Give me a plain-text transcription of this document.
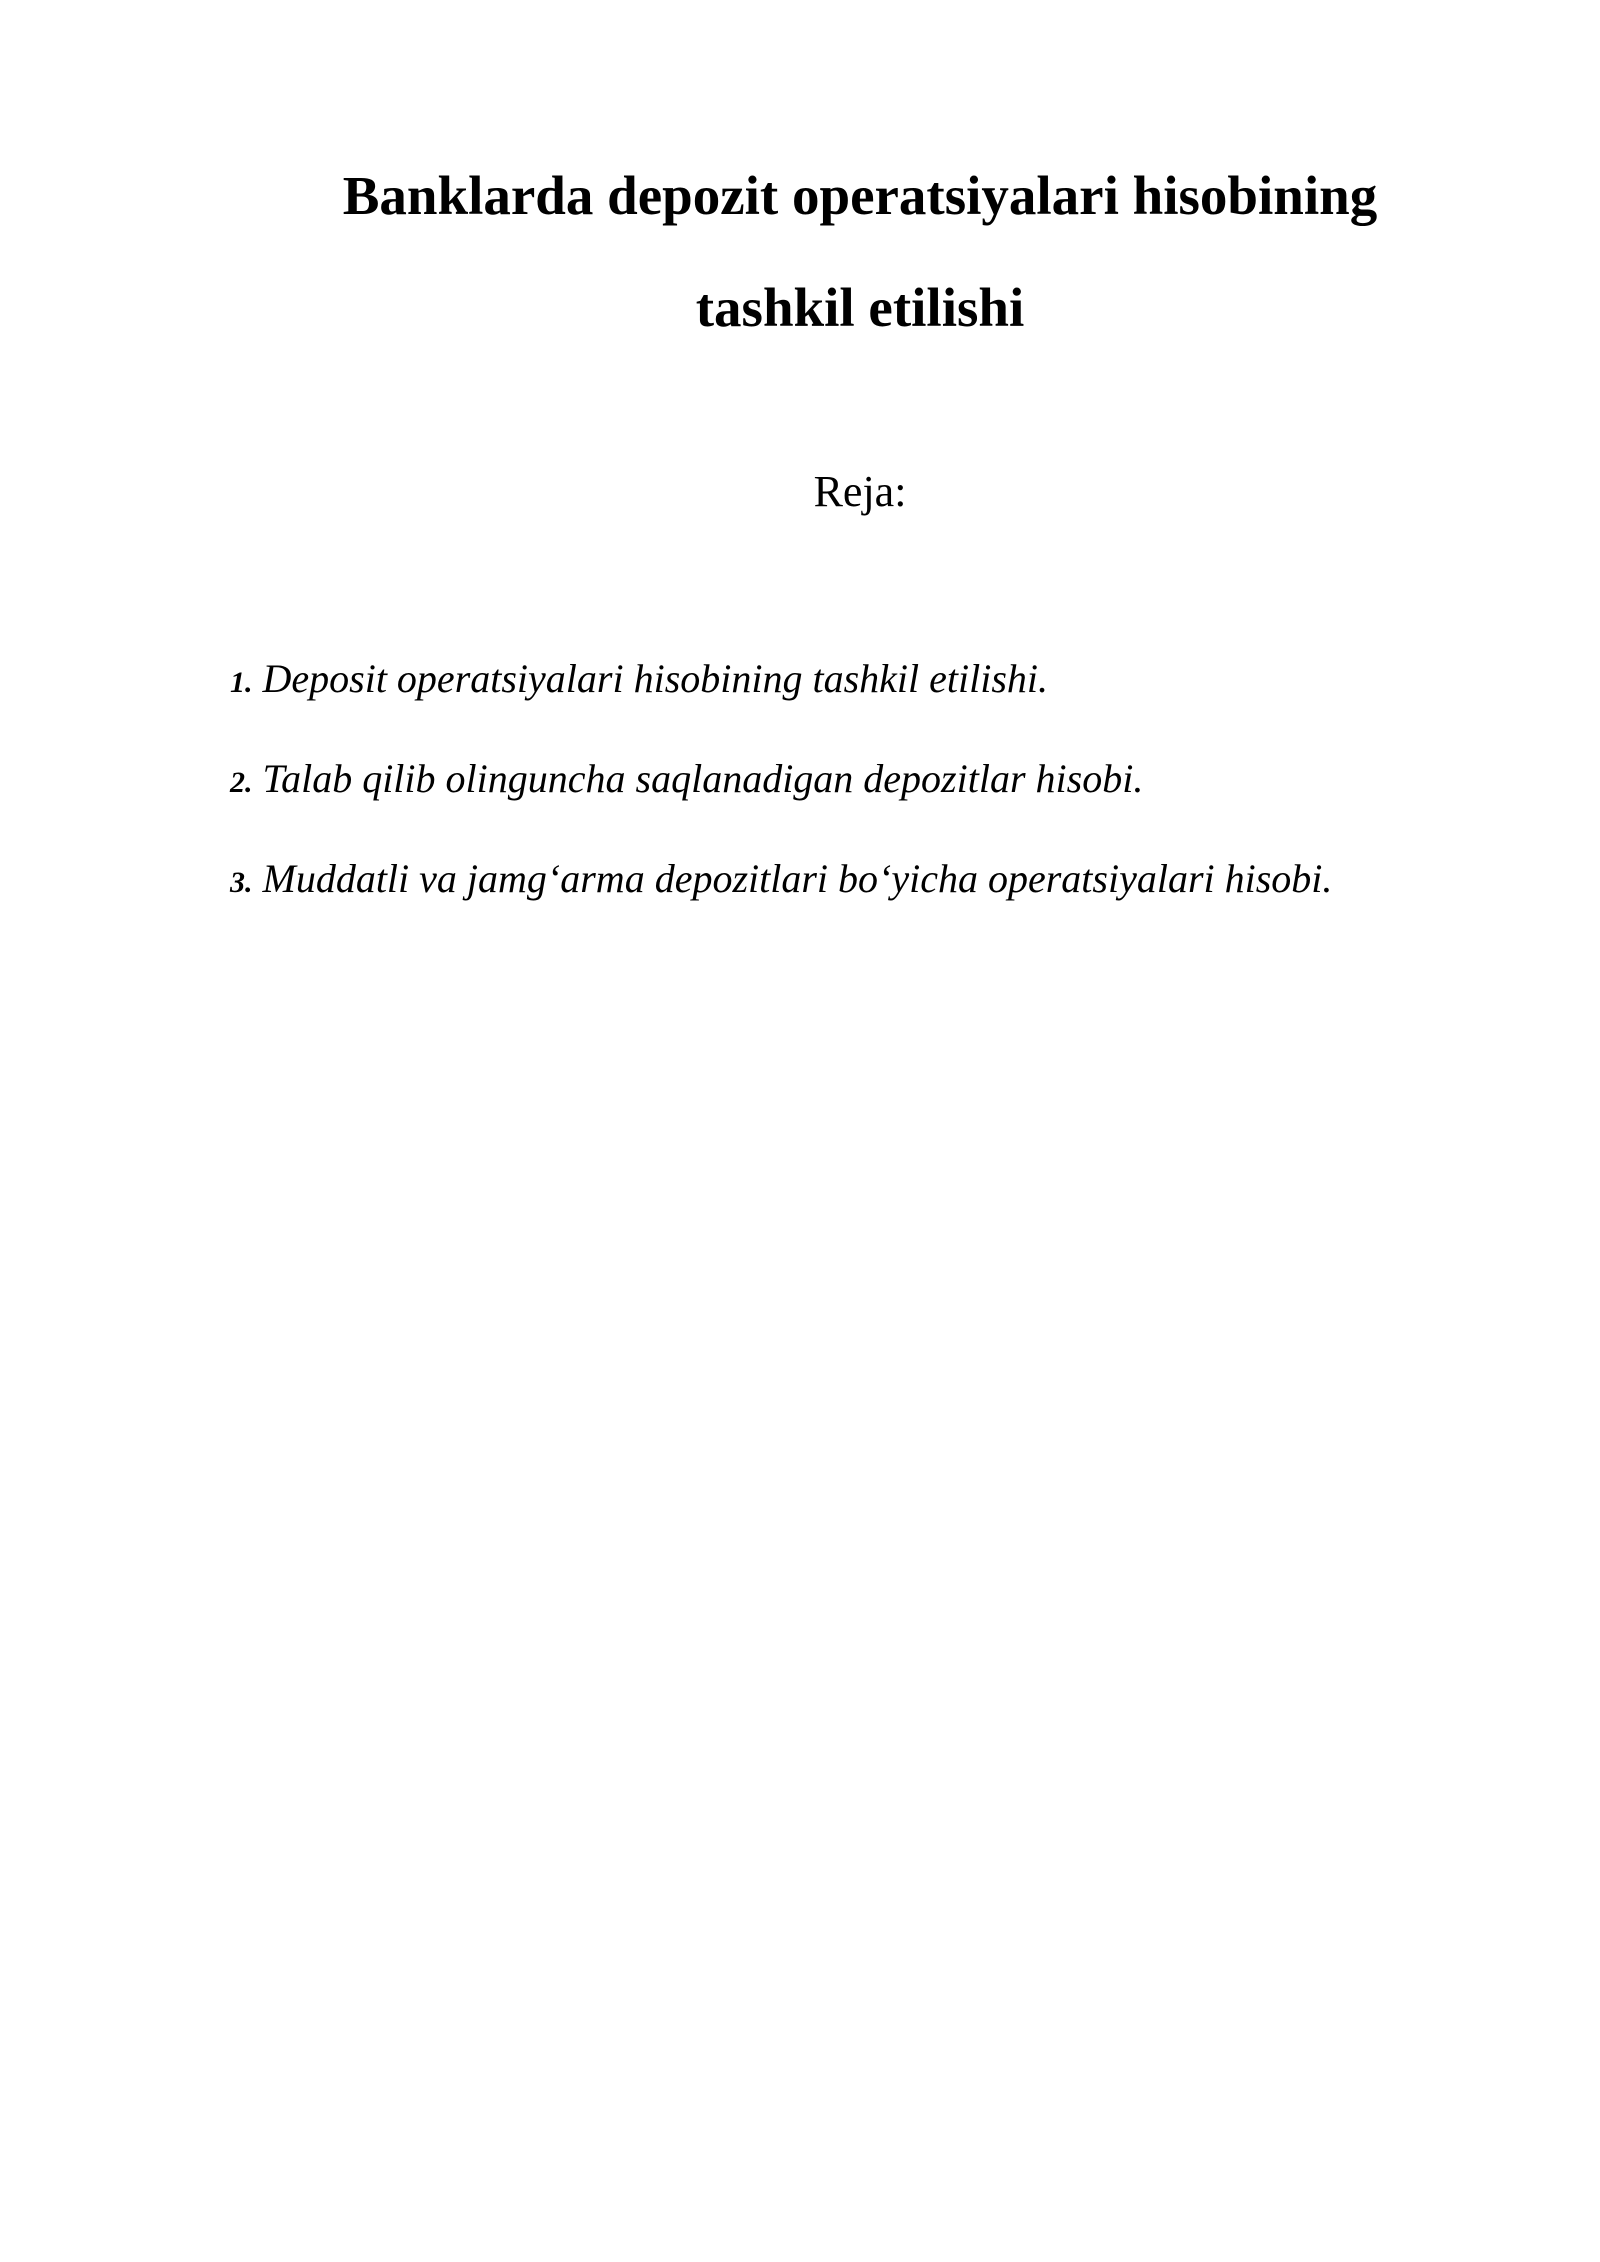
Banklarda depozit operatsiyalari hisobining
tashkil etilishi
Reja:
1. Deposit operatsiyalari hisobining tashkil etilishi.
2. Talab qilib olinguncha saqlanadigan depozitlar hisobi.
3. Muddatli va jamg‘arma depozitlari bo‘yicha operatsiyalari hisobi.
